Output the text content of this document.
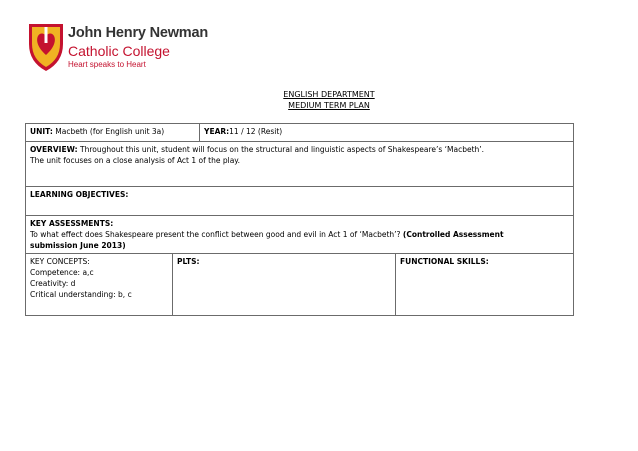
John Henry Newman
Catholic College
Heart speaks to Heart
ENGLISH DEPARTMENT
MEDIUM TERM PLAN
UNIT: Macbeth (for English unit 3a)		YEAR:11 / 12 (Resit)	

OVERVIEW: Throughout this unit, student will focus on the structural and linguistic aspects of Shakespeare’s ‘Macbeth’.

The unit focuses on a close analysis of Act 1 of the play.			

LEARNING OBJECTIVES:			

KEY ASSESSMENTS:

To what effect does Shakespeare present the conflict between good and evil in Act 1 of ‘Macbeth’? (Controlled Assessment

submission June 2013)			

KEY CONCEPTS:

Competence: a,c

Creativity: d

Critical understanding: b, c	PLTS:		FUNCTIONAL SKILLS:
